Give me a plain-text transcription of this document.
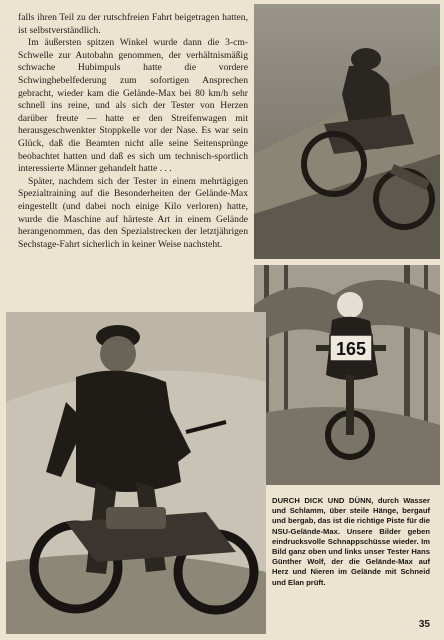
falls ihren Teil zu der rutschfreien Fahrt beigetragen hatten, ist selbstverständlich.

Im äußersten spitzen Winkel wurde dann die 3-cm-Schwelle zur Autobahn genommen, der verhältnismäßig schwache Hubimpuls hatte die vordere Schwinghebelfederung zum sofortigen Ansprechen gebracht, wieder kam die Gelände-Max bei 80 km/h sehr schnell ins reine, und als sich der Tester von Herzen darüber freute — hatte er den Streifenwagen mit herausgeschwenkter Stoppkelle vor der Nase. Es war sein Glück, daß die Beamten nicht alle seine Seitensprünge beobachtet hatten und daß es sich um technisch-sportlich interessierte Männer gehandelt hatte . . .

Später, nachdem sich der Tester in einem mehrtägigen Spezialtraining auf die Besonderheiten der Gelände-Max eingestellt (und dabei noch einige Kilo verloren) hatte, wurde die Maschine auf härteste Art in einem Gelände herangenommen, das den Spezialstrecken der letztjährigen Sechstage-Fahrt sicherlich in keiner Weise nachsteht.

165
DURCH DICK UND DÜNN, durch Wasser und Schlamm, über steile Hänge, bergauf und bergab, das ist die richtige Piste für die NSU-Gelände-Max. Unsere Bilder geben eindrucksvolle Schnappschüsse wieder. Im Bild ganz oben und links unser Tester Hans Günther Wolf, der die Gelände-Max auf Herz und Nieren im Gelände mit Schneid und Elan prüft.
35
